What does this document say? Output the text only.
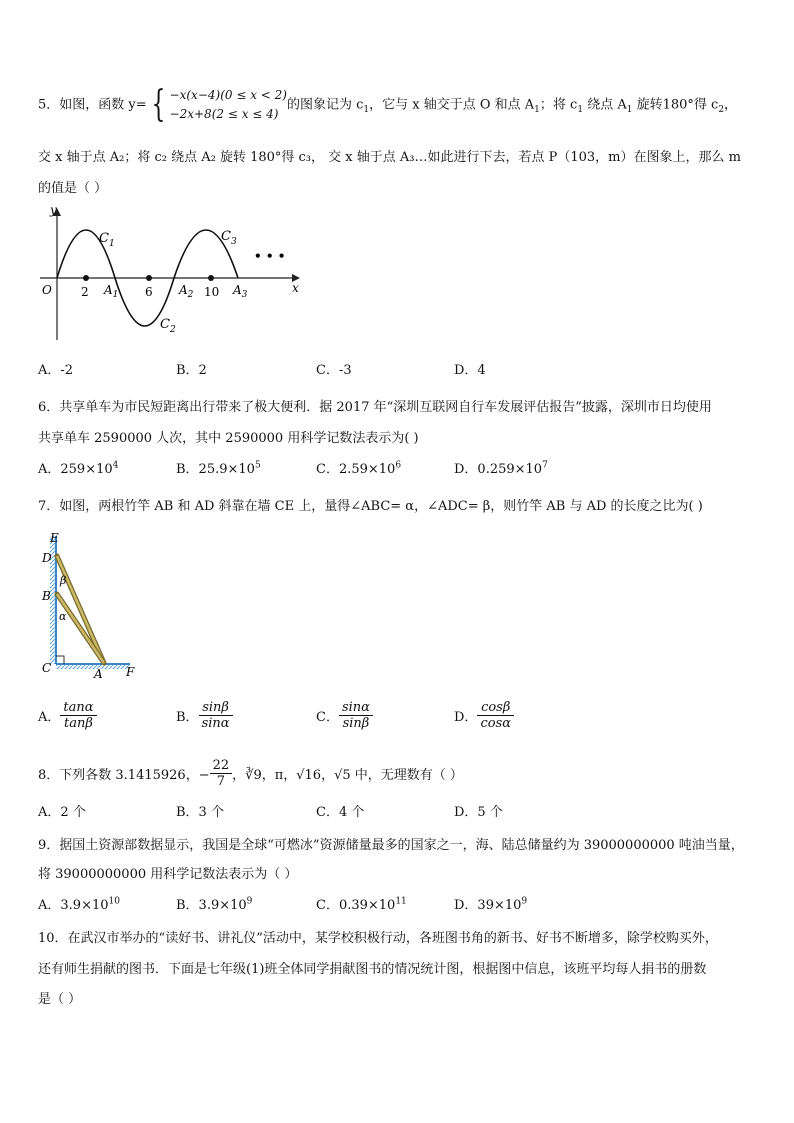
5．如图，函数 y= { −x(x−4)(0 ≤ x < 2)
−2x+8(2 ≤ x ≤ 4)
的图象记为 $c_1$，它与 x 轴交于点 O 和点 $A_1$；将 $c_1$ 绕点 $A_1$ 旋转180°得 $c_2$，
交 x 轴于点 A₂；将 c₂ 绕点 A₂ 旋转 180°得 c₃， 交 x 轴于点 A₃…如此进行下去，若点 P（103，m）在图象上，那么 m
的值是（ ）
y
x
O
$C_1$
$C_2$
$C_3$
2	6	10
$A_1$	$A_2$	$A_3$
• • •
A．-2	B．2	C．-3	D．4
6．共享单车为市民短距离出行带来了极大便利．据 2017 年“深圳互联网自行车发展评估报告”披露，深圳市日均使用
共享单车 2590000 人次，其中 2590000 用科学记数法表示为( )
A．$259\times 10^4$	B．$25.9\times 10^5$	C．$2.59\times 10^6$	D．$0.259\times 10^7$
7．如图，两根竹竿 AB 和 AD 斜靠在墙 CE 上，量得∠ABC= α，∠ADC= β，则竹竿 AB 与 AD 的长度之比为( )
E
D
B
C	A F
β
α
A． $\frac{\tan\alpha}{\tan\beta}$	B． $\frac{\sin\beta}{\sin\alpha}$	C． $\frac{\sin\alpha}{\sin\beta}$	D． $\frac{\cos\beta}{\cos\alpha}$
8．下列各数 3.1415926，− $\frac{22}{7}$ ，∛9，π，√16，√5 中，无理数有（ ）
A．2 个	B．3 个	C．4 个	D．5 个
9．据国土资源部数据显示，我国是全球“可燃冰”资源储量最多的国家之一，海、陆总储量约为 39000000000 吨油当量，
将 39000000000 用科学记数法表示为（ ）
A．$3.9\times 10^{10}$	B．$3.9\times 10^9$	C．$0.39\times 10^{11}$	D．$39\times 10^9$
10．在武汉市举办的“读好书、讲礼仪”活动中，某学校积极行动，各班图书角的新书、好书不断增多，除学校购买外，
还有师生捐献的图书．下面是七年级(1)班全体同学捐献图书的情况统计图，根据图中信息，该班平均每人捐书的册数
是（ ）
